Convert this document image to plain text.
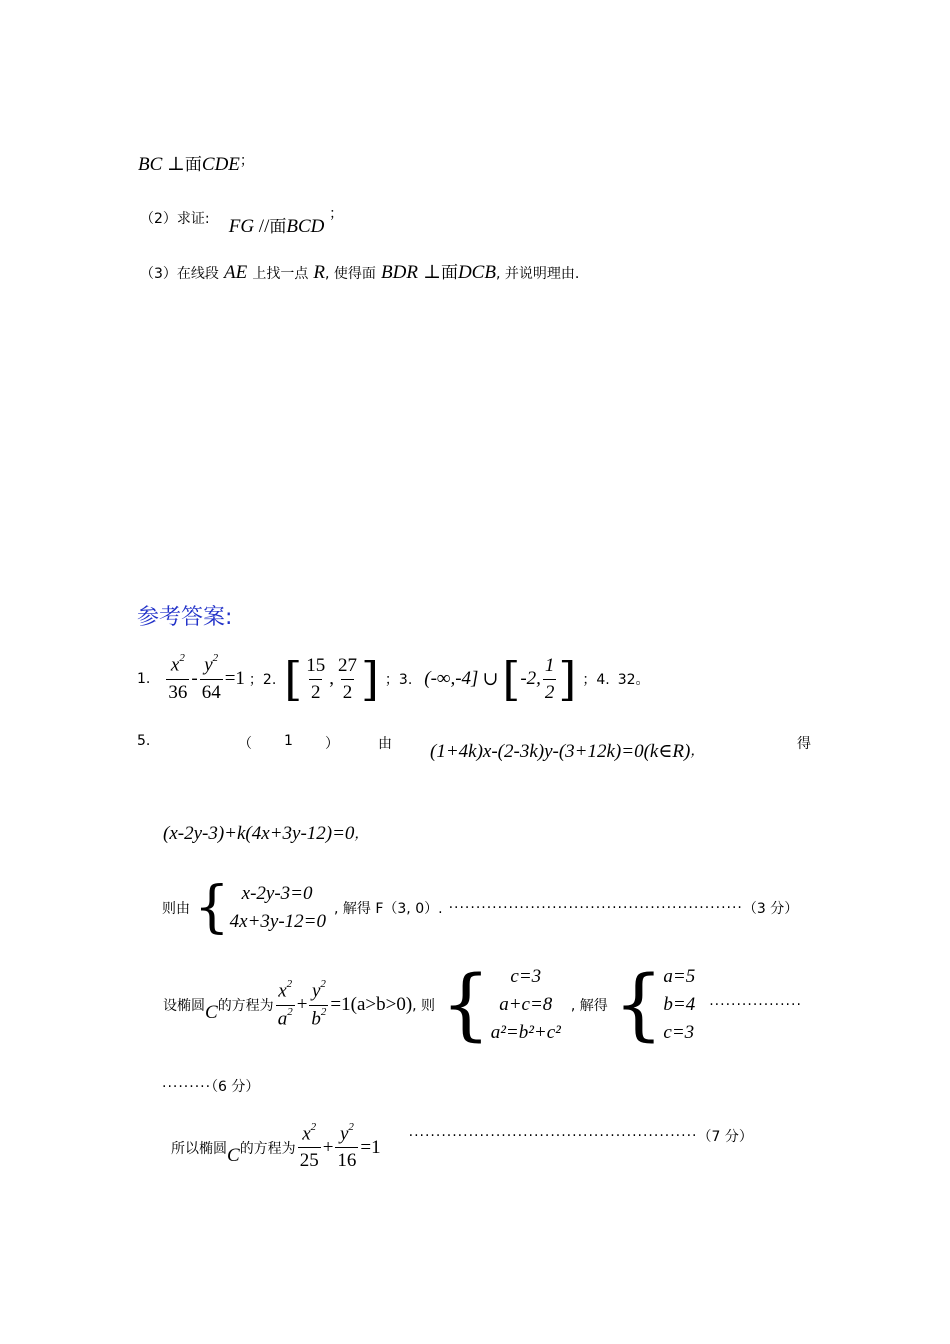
BC ⊥面CDE；
（2）求证: FG //面BCD ；
（3）在线段 AE 上找一点 R, 使得面 BDR ⊥面DCB, 并说明理由.
参考答案:
1. $\frac{x^2}{36} - \frac{y^2}{64} =1$ ；2. [ $\frac{15}{2}$ , $\frac{27}{2}$ ] ；3. (-∞,-4] ∪ [ -2, $\frac{1}{2}$ ] ；4. 32。
5.	（ 1 ）	由 (1+4k)x-(2-3k)y-(3+12k)=0(k∈R)，	得
(x-2y-3)+k(4x+3y-12)=0，
则由 { x-2y-3=0
4x+3y-12=0
, 解得 F（3, 0）. ······················································ （3 分）
设椭圆 C 的方程为 $\frac{x^2}{a^2} + \frac{y^2}{b^2} =1(a>b>0)$ , 则 { c=3
a+c=8
a²=b²+c²
, 解得 { a=5
b=4
c=3
·················
·········（6 分）
所以椭圆 C 的方程为 $\frac{x^2}{25} + \frac{y^2}{16} =1$
····················································· （7 分）
